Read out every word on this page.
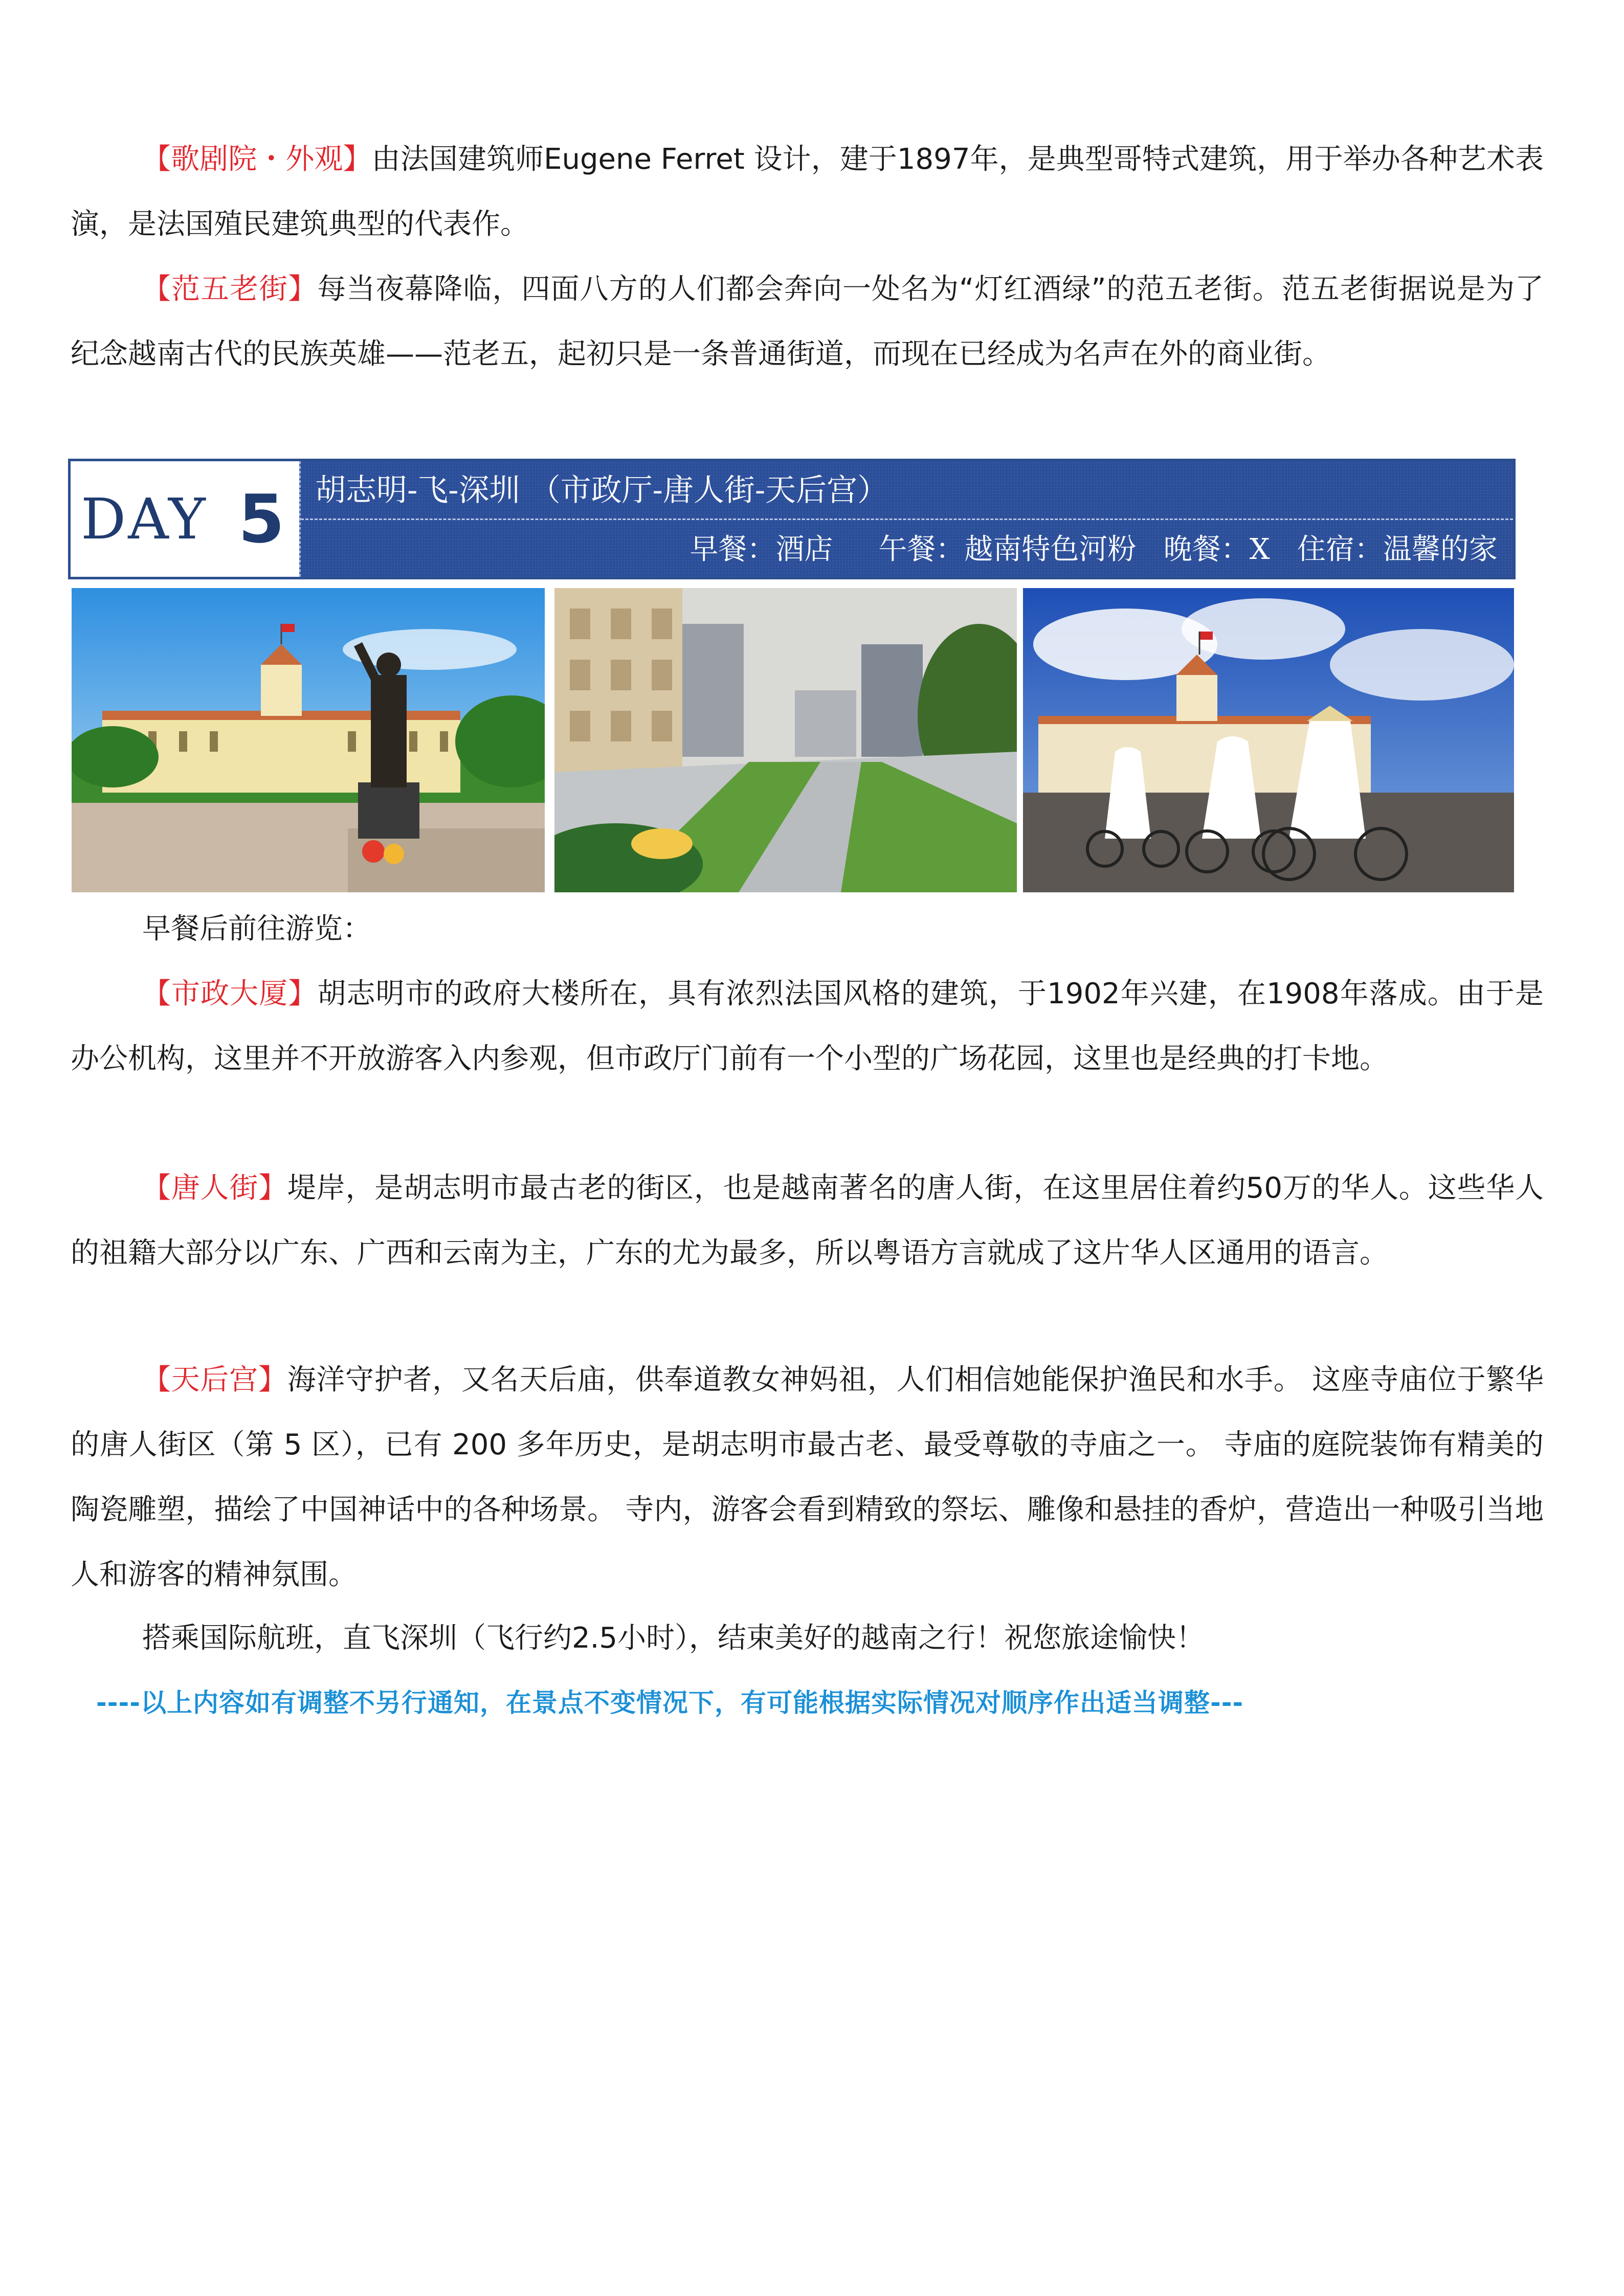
【歌剧院・外观】由法国建筑师Eugene Ferret 设计，建于1897年，是典型哥特式建筑，用于举办各种艺术表演，是法国殖民建筑典型的代表作。

【范五老街】每当夜幕降临，四面八方的人们都会奔向一处名为“灯红酒绿”的范五老街。范五老街据说是为了纪念越南古代的民族英雄——范老五，起初只是一条普通街道，而现在已经成为名声在外的商业街。

DAY 5 胡志明-飞-深圳 （市政厅-唐人街-天后宫）
早餐：酒店     午餐：越南特色河粉   晚餐：X   住宿：温馨的家

早餐后前往游览：

【市政大厦】胡志明市的政府大楼所在，具有浓烈法国风格的建筑，于1902年兴建，在1908年落成。由于是办公机构，这里并不开放游客入内参观，但市政厅门前有一个小型的广场花园，这里也是经典的打卡地。

【唐人街】堤岸，是胡志明市最古老的街区，也是越南著名的唐人街，在这里居住着约50万的华人。这些华人的祖籍大部分以广东、广西和云南为主，广东的尤为最多，所以粤语方言就成了这片华人区通用的语言。

【天后宫】海洋守护者，又名天后庙，供奉道教女神妈祖，人们相信她能保护渔民和水手。 这座寺庙位于繁华的唐人街区（第 5 区），已有 200 多年历史，是胡志明市最古老、最受尊敬的寺庙之一。 寺庙的庭院装饰有精美的陶瓷雕塑，描绘了中国神话中的各种场景。 寺内，游客会看到精致的祭坛、雕像和悬挂的香炉，营造出一种吸引当地人和游客的精神氛围。

搭乘国际航班，直飞深圳（飞行约2.5小时），结束美好的越南之行！祝您旅途愉快！

----以上内容如有调整不另行通知，在景点不变情况下，有可能根据实际情况对顺序作出适当调整---
